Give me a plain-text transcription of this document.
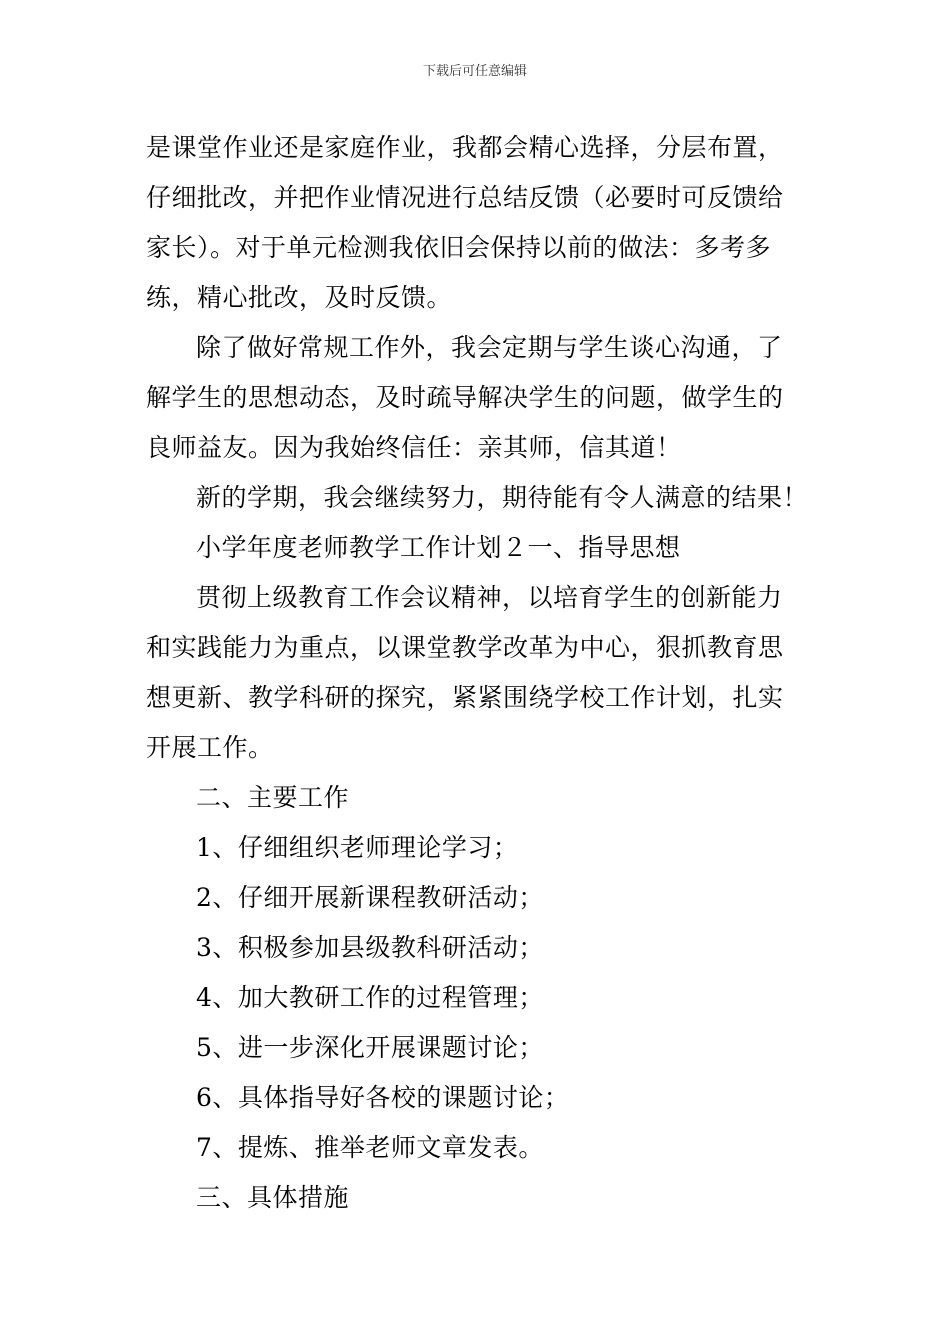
下载后可任意编辑
是课堂作业还是家庭作业，我都会精心选择，分层布置，
仔细批改，并把作业情况进行总结反馈（必要时可反馈给
家长）。对于单元检测我依旧会保持以前的做法：多考多
练，精心批改，及时反馈。
除了做好常规工作外，我会定期与学生谈心沟通，了
解学生的思想动态，及时疏导解决学生的问题，做学生的
良师益友。因为我始终信任：亲其师，信其道！
新的学期，我会继续努力，期待能有令人满意的结果！
小学年度老师教学工作计划２一、指导思想
贯彻上级教育工作会议精神，以培育学生的创新能力
和实践能力为重点，以课堂教学改革为中心，狠抓教育思
想更新、教学科研的探究，紧紧围绕学校工作计划，扎实
开展工作。
二、主要工作
1、仔细组织老师理论学习；
2、仔细开展新课程教研活动；
3、积极参加县级教科研活动；
4、加大教研工作的过程管理；
5、进一步深化开展课题讨论；
6、具体指导好各校的课题讨论；
7、提炼、推举老师文章发表。
三、具体措施
